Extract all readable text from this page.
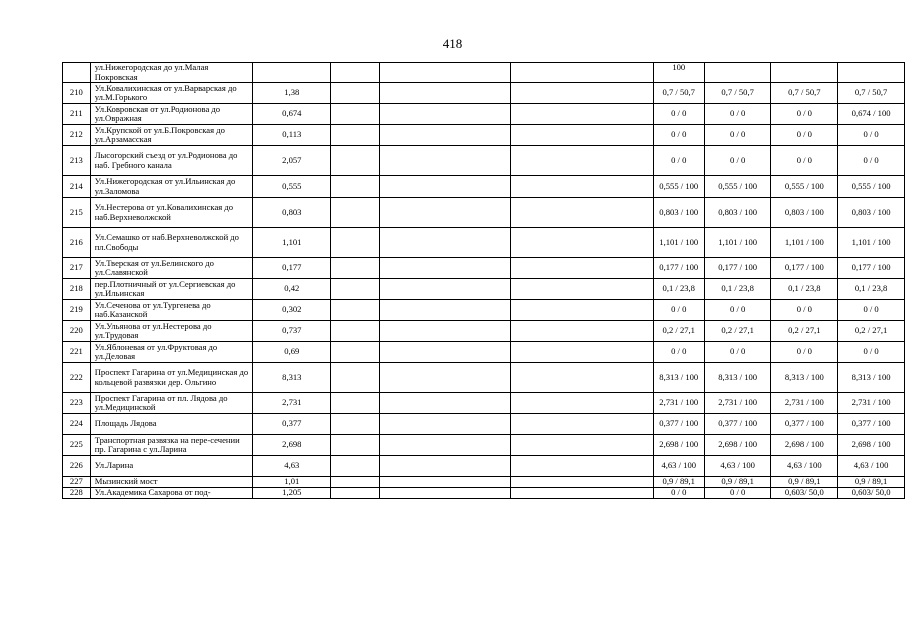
418
	ул.Нижегородская до ул.Малая Покровская					100			
210	Ул.Ковалихинская от ул.Варварская до ул.М.Горького	1,38				0,7 / 50,7	0,7 / 50,7	0,7 / 50,7	0,7 / 50,7
211	Ул.Ковровская от ул.Родионова до ул.Овражная	0,674				0 / 0	0 / 0	0 / 0	0,674 / 100
212	Ул.Крупской от ул.Б.Покровская до ул.Арзамасская	0,113				0 / 0	0 / 0	0 / 0	0 / 0
213	Лысогорский съезд от ул.Родионова до наб. Гребного канала	2,057				0 / 0	0 / 0	0 / 0	0 / 0
214	Ул.Нижегородская от ул.Ильинская до ул.Заломова	0,555				0,555 / 100	0,555 / 100	0,555 / 100	0,555 / 100
215	Ул.Нестерова от ул.Ковалихинская до наб.Верхневолжской	0,803				0,803 / 100	0,803 / 100	0,803 / 100	0,803 / 100
216	Ул.Семашко от наб.Верхневолжской до пл.Свободы	1,101				1,101 / 100	1,101 / 100	1,101 / 100	1,101 / 100
217	Ул.Тверская от ул.Белинского до ул.Славянской	0,177				0,177 / 100	0,177 / 100	0,177 / 100	0,177 / 100
218	пер.Плотничный от ул.Сергиевская до ул.Ильинская	0,42				0,1 / 23,8	0,1 / 23,8	0,1 / 23,8	0,1 / 23,8
219	Ул.Сеченова от ул.Тургенева до наб.Казанской	0,302				0 / 0	0 / 0	0 / 0	0 / 0
220	Ул.Ульянова от ул.Нестерова до ул.Трудовая	0,737				0,2 / 27,1	0,2 / 27,1	0,2 / 27,1	0,2 / 27,1
221	Ул.Яблоневая от ул.Фруктовая до ул.Деловая	0,69				0 / 0	0 / 0	0 / 0	0 / 0
222	Проспект Гагарина от ул.Медицинская до кольцевой развязки дер. Ольгино	8,313				8,313 / 100	8,313 / 100	8,313 / 100	8,313 / 100
223	Проспект Гагарина от пл. Лядова до ул.Медицинской	2,731				2,731 / 100	2,731 / 100	2,731 / 100	2,731 / 100
224	Площадь Лядова	0,377				0,377 / 100	0,377 / 100	0,377 / 100	0,377 / 100
225	Транспортная развязка на пере-сечении пр. Гагарина с ул.Ларина	2,698				2,698 / 100	2,698 / 100	2,698 / 100	2,698 / 100
226	Ул.Ларина	4,63				4,63 / 100	4,63 / 100	4,63 / 100	4,63 / 100
227	Мызинский мост	1,01				0,9 / 89,1	0,9 / 89,1	0,9 / 89,1	0,9 / 89,1
228	Ул.Академика Сахарова от под-	1,205				0 / 0	0 / 0	0,603/ 50,0	0,603/ 50,0
